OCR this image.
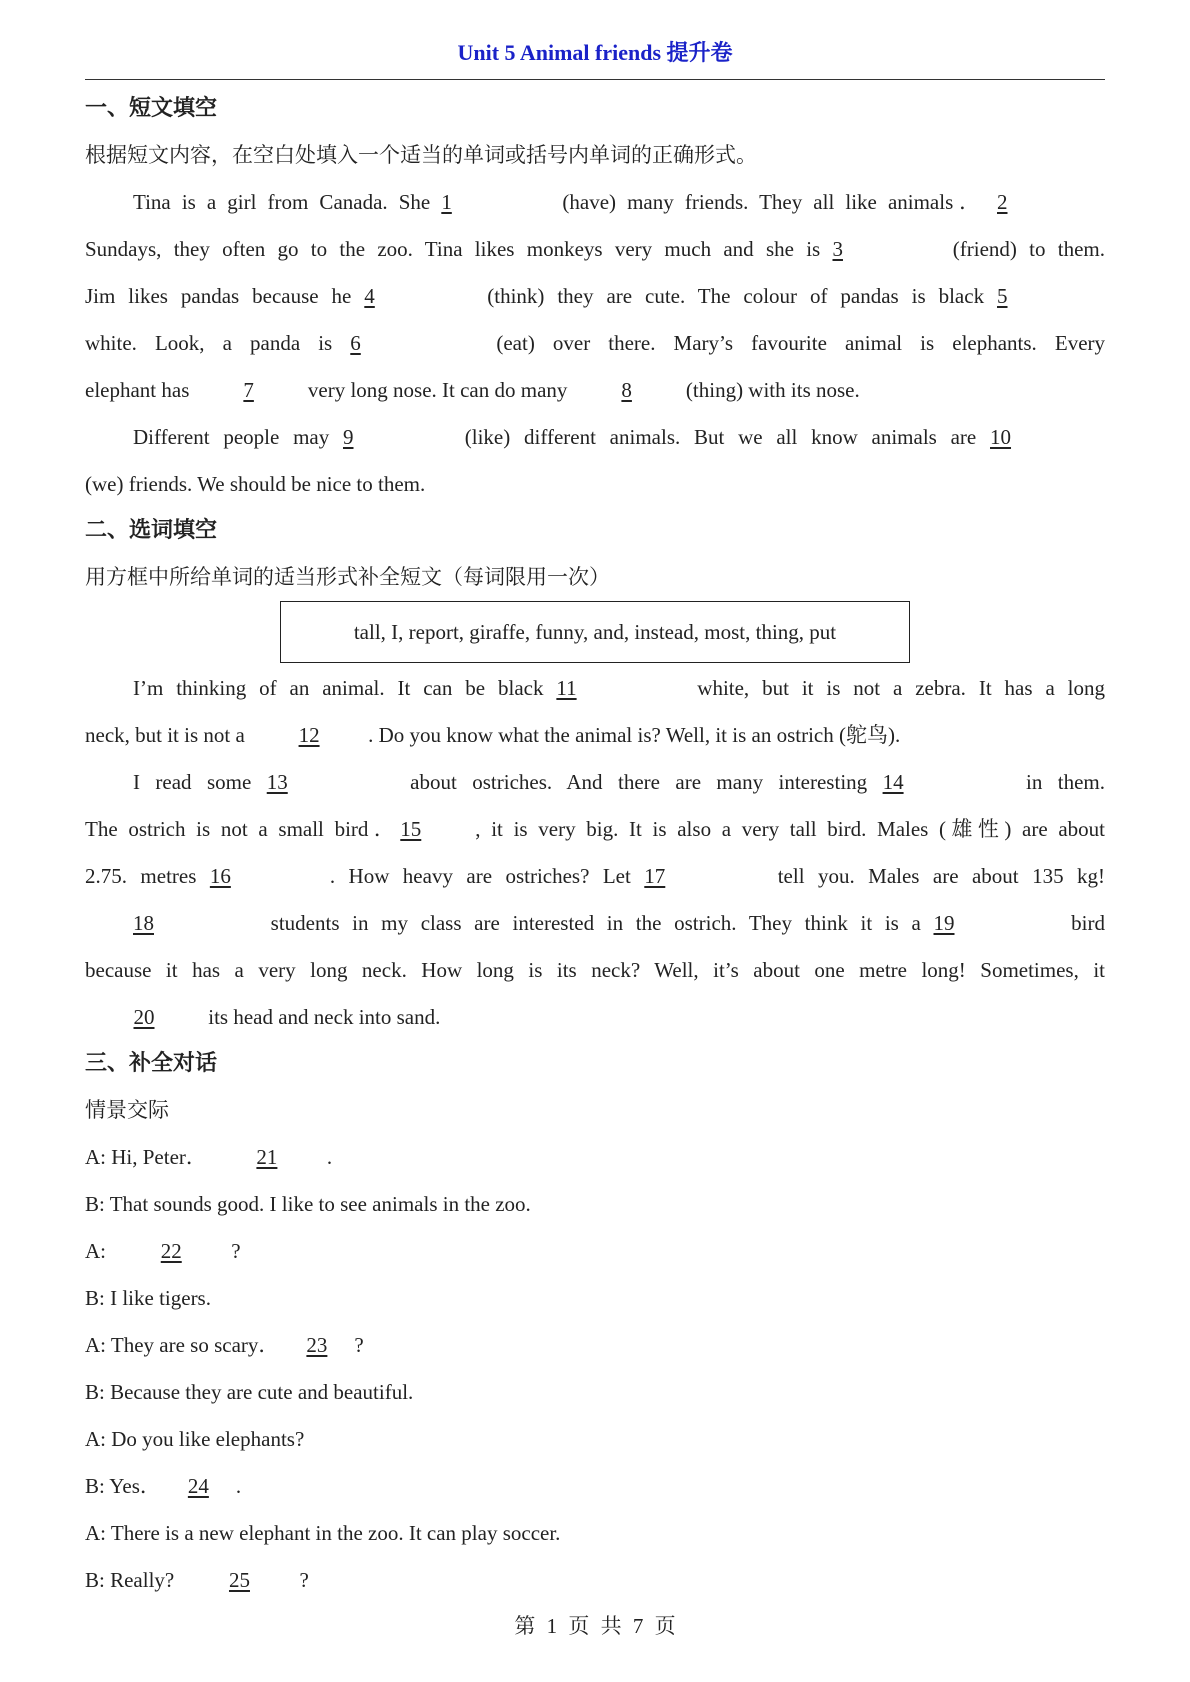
Unit 5 Animal friends 提升卷
一、短文填空
根据短文内容，在空白处填入一个适当的单词或括号内单词的正确形式。
Tina is a girl from Canada. She 1	(have) many friends. They all like animals． 2
Sundays, they often go to the zoo. Tina likes monkeys very much and she is 3	(friend) to them.
Jim likes pandas because he 4	(think) they are cute. The colour of pandas is black 5
white. Look, a panda is 6	(eat) over there. Mary’s favourite animal is elephants. Every
elephant has 7	very long nose. It can do many 8	(thing) with its nose.
Different people may 9	(like) different animals. But we all know animals are 10
(we) friends. We should be nice to them.
二、选词填空
用方框中所给单词的适当形式补全短文（每词限用一次）
tall, I, report, giraffe, funny, and, instead, most, thing, put
I’m thinking of an animal. It can be black 11	white, but it is not a zebra. It has a long
neck, but it is not a 12 . Do you know what the animal is? Well, it is an ostrich (鸵鸟).
I read some 13	about ostriches. And there are many interesting 14	in them.
The ostrich is not a small bird．15	, it is very big. It is also a very tall bird. Males (雄性) are about
2.75. metres 16	. How heavy are ostriches? Let 17	tell you. Males are about 135 kg!
18	students in my class are interested in the ostrich. They think it is a 19	bird
because it has a very long neck. How long is its neck? Well, it’s about one metre long! Sometimes, it
20	its head and neck into sand.
三、补全对话
情景交际
A: Hi, Peter． 21 .
B: That sounds good. I like to see animals in the zoo.
A: 22 ?
B: I like tigers.
A: They are so scary． 23 ?
B: Because they are cute and beautiful.
A: Do you like elephants?
B: Yes． 24 .
A: There is a new elephant in the zoo. It can play soccer.
B: Really? 25 ?
第 1 页 共 7 页
